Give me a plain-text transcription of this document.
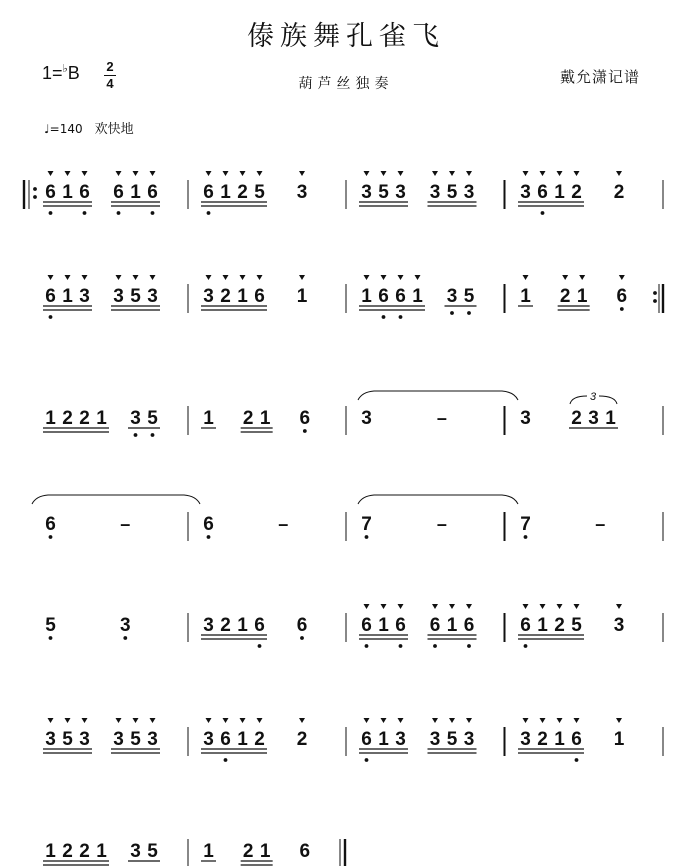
傣族舞孔雀飞
1=♭B 2
4	葫芦丝独奏	戴允潇记谱
♩=140 欢快地
6 1 6 6 1 6 6 1 2 5 3	3 5 3 3 5 3 3 6 1 2 2
6 1 3 3 5 3 3 2 1 6 1	1 6 6 1 3 5 1 2 1 6
1 2 2 1 3 5 1 2 1 6	3	–	3 2 3 1
3
6	–	6	–	7	–	7	–
5	3	3 2 1 6 6	6 1 6 6 1 6 6 1 2 5 3
3 5 3 3 5 3 3 6 1 2 2	6 1 3 3 5 3 3 2 1 6 1
1 2 2 1 3 5 1 2 1 6
